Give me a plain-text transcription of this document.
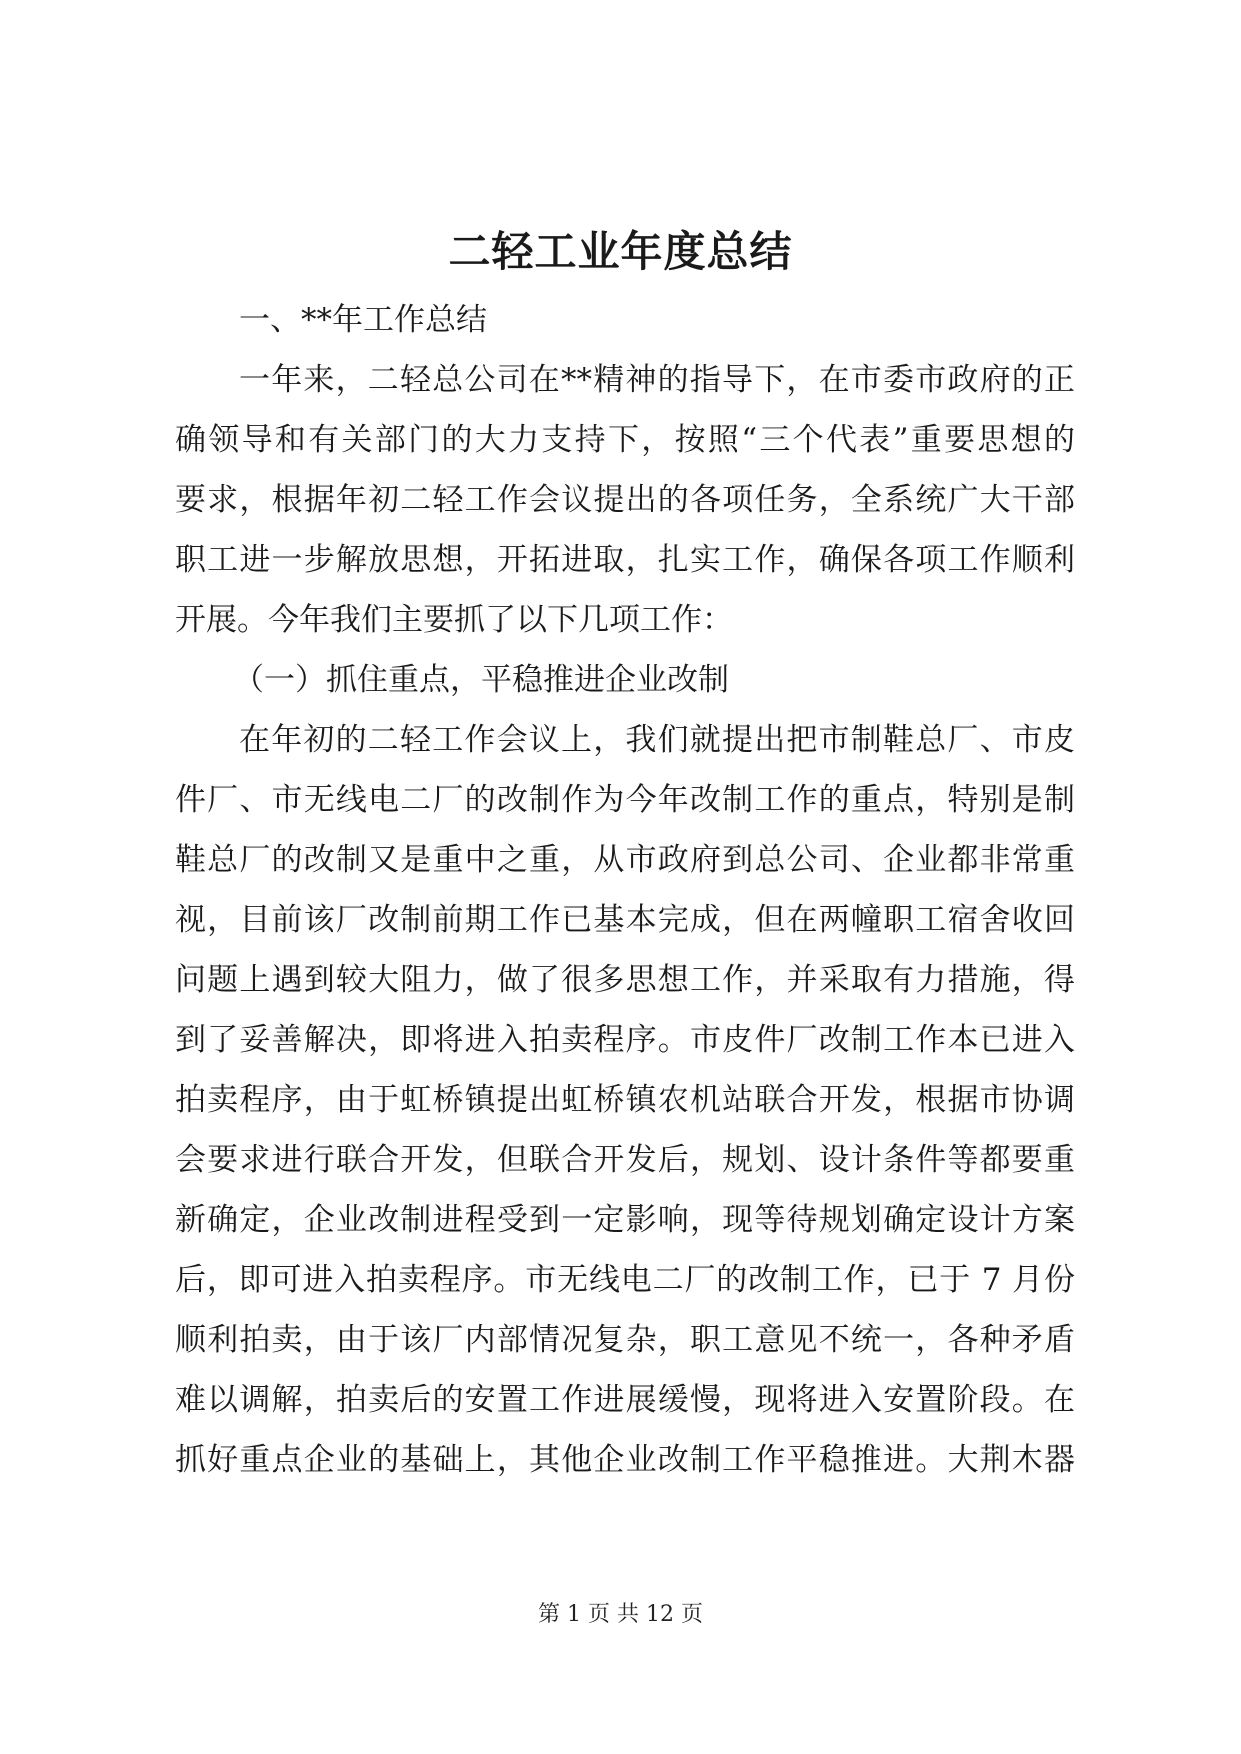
二轻工业年度总结
一、**年工作总结
一年来，二轻总公司在**精神的指导下，在市委市政府的正
确领导和有关部门的大力支持下，按照“三个代表”重要思想的
要求，根据年初二轻工作会议提出的各项任务，全系统广大干部
职工进一步解放思想，开拓进取，扎实工作，确保各项工作顺利
开展。今年我们主要抓了以下几项工作：
（一）抓住重点，平稳推进企业改制
在年初的二轻工作会议上，我们就提出把市制鞋总厂、市皮
件厂、市无线电二厂的改制作为今年改制工作的重点，特别是制
鞋总厂的改制又是重中之重，从市政府到总公司、企业都非常重
视，目前该厂改制前期工作已基本完成，但在两幢职工宿舍收回
问题上遇到较大阻力，做了很多思想工作，并采取有力措施，得
到了妥善解决，即将进入拍卖程序。市皮件厂改制工作本已进入
拍卖程序，由于虹桥镇提出虹桥镇农机站联合开发，根据市协调
会要求进行联合开发，但联合开发后，规划、设计条件等都要重
新确定，企业改制进程受到一定影响，现等待规划确定设计方案
后，即可进入拍卖程序。市无线电二厂的改制工作，已于 7 月份
顺利拍卖，由于该厂内部情况复杂，职工意见不统一，各种矛盾
难以调解，拍卖后的安置工作进展缓慢，现将进入安置阶段。在
抓好重点企业的基础上，其他企业改制工作平稳推进。大荆木器
第 1 页 共 12 页
